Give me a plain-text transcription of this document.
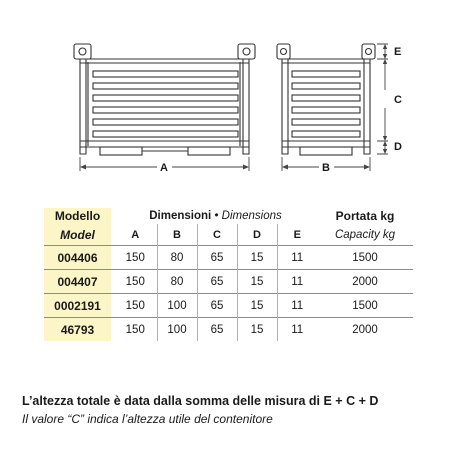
A	B
E
C
D
Modello		Dimensioni • Dimensions					Portata kg
Model		A	B	C	D	E	Capacity kg
004406		150	80	65	15	11	1500
004407		150	80	65	15	11	2000
0002191		150	100	65	15	11	1500
46793		150	100	65	15	11	2000
L’altezza totale è data dalla somma delle misura di E + C + D
Il valore “C” indica l’altezza utile del contenitore
